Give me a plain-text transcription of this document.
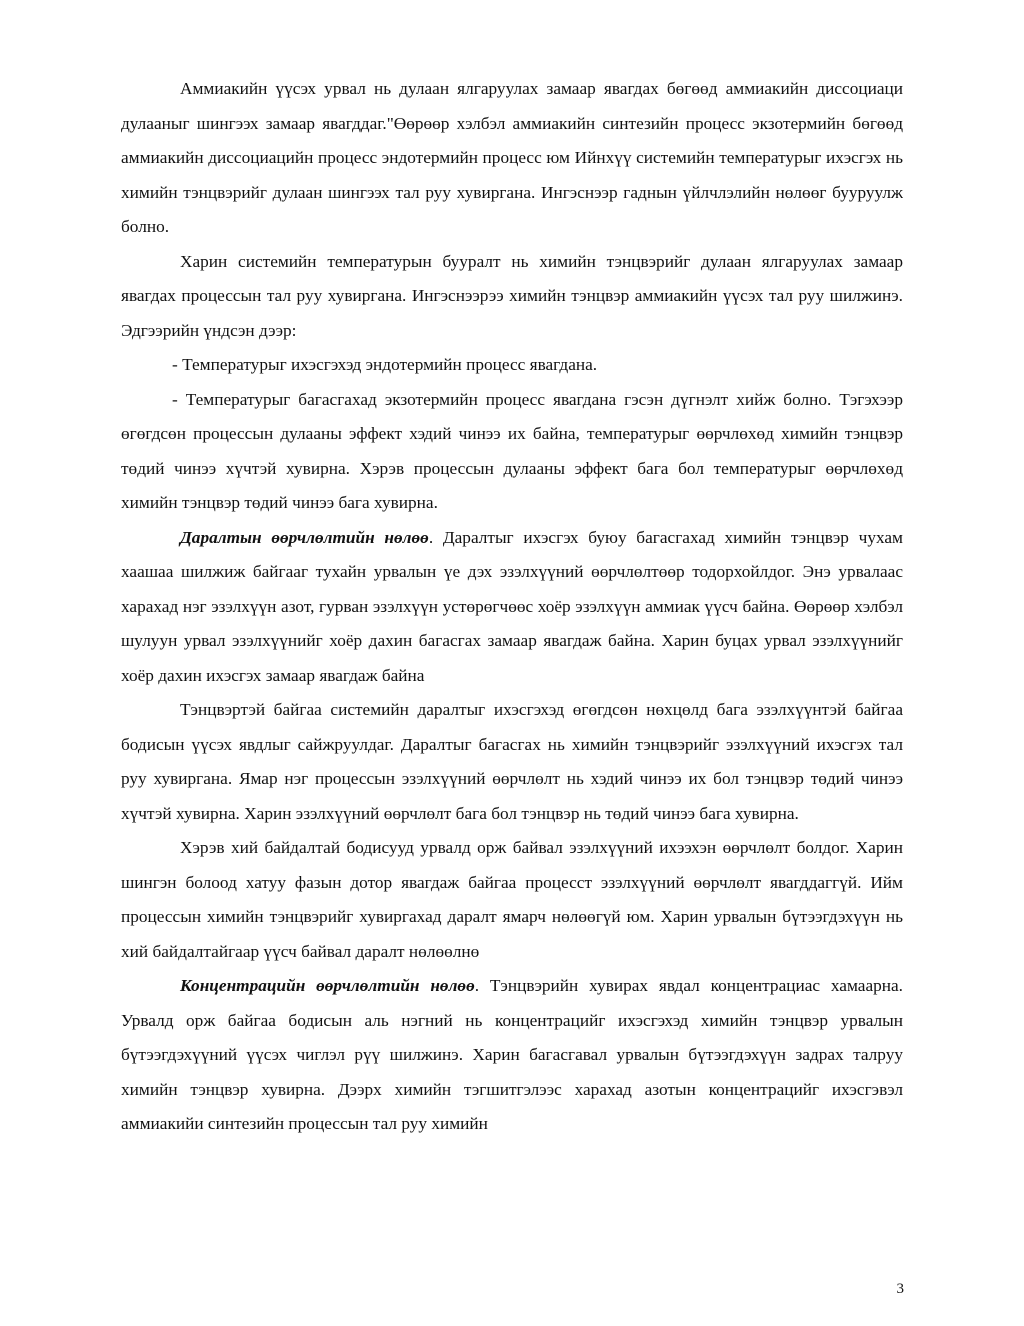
Аммиакийн үүсэх урвал нь дулаан ялгаруулах замаар явагдах бөгөөд аммиакийн диссоциаци дулааныг шингээх замаар явагддаг."Өөрөөр хэлбэл аммиакийн синтезийн процесс экзотермийн бөгөөд аммиакийн диссоциацийн процесс эндотермийн процесс юм Ийнхүү системийн температурыг ихэсгэх нь химийн тэнцвэрийг дулаан шингээх тал руу хувиргана. Ингэснээр гаднын үйлчлэлийн нөлөөг бууруулж болно.

Харин системийн температурын бууралт нь химийн тэнцвэрийг дулаан ялгаруулах замаар явагдах процессын тал руу хувиргана. Ингэснээрээ химийн тэнцвэр аммиакийн үүсэх тал руу шилжинэ. Эдгээрийн үндсэн дээр:

- Температурыг ихэсгэхэд эндотермийн процесс явагдана.

- Температурыг багасгахад экзотермийн процесс явагдана гэсэн дүгнэлт хийж болно. Тэгэхээр өгөгдсөн процессын дулааны эффект хэдий чинээ их байна, температурыг өөрчлөхөд химийн тэнцвэр төдий чинээ хүчтэй хувирна. Хэрэв процессын дулааны эффект бага бол температурыг өөрчлөхөд химийн тэнцвэр төдий чинээ бага хувирна.

Даралтын өөрчлөлтийн нөлөө. Даралтыг ихэсгэх буюу багасгахад химийн тэнцвэр чухам хаашаа шилжиж байгааг тухайн урвалын үе дэх эзэлхүүний өөрчлөлтөөр тодорхойлдог. Энэ урвалаас харахад нэг эзэлхүүн азот, гурван эзэлхүүн устөрөгчөөс хоёр эзэлхүүн аммиак үүсч байна. Өөрөөр хэлбэл шулуун урвал эзэлхүүнийг хоёр дахин багасгах замаар явагдаж байна. Харин буцах урвал эзэлхүүнийг хоёр дахин ихэсгэх замаар явагдаж байна

Тэнцвэртэй байгаа системийн даралтыг ихэсгэхэд өгөгдсөн нөхцөлд бага эзэлхүүнтэй байгаа бодисын үүсэх явдлыг сайжруулдаг. Даралтыг багасгах нь химийн тэнцвэрийг эзэлхүүний ихэсгэх тал руу хувиргана. Ямар нэг процессын эзэлхүүний өөрчлөлт нь хэдий чинээ их бол тэнцвэр төдий чинээ хүчтэй хувирна. Харин эзэлхүүний өөрчлөлт бага бол тэнцвэр нь төдий чинээ бага хувирна.

Хэрэв хий байдалтай бодисууд урвалд орж байвал эзэлхүүний ихээхэн өөрчлөлт болдог. Харин шингэн болоод хатуу фазын дотор явагдаж байгаа процесст эзэлхүүний өөрчлөлт явагддаггүй. Ийм процессын химийн тэнцвэрийг хувиргахад даралт ямарч нөлөөгүй юм. Харин урвалын бүтээгдэхүүн нь хий байдалтайгаар үүсч байвал даралт нөлөөлнө

Концентрацийн өөрчлөлтийн нөлөө. Тэнцвэрийн хувирах явдал концентрациас хамаарна. Урвалд орж байгаа бодисын аль нэгний нь концентрацийг ихэсгэхэд химийн тэнцвэр урвалын бүтээгдэхүүний үүсэх чиглэл рүү шилжинэ. Харин багасгавал урвалын бүтээгдэхүүн задрах талруу химийн тэнцвэр хувирна. Дээрх химийн тэгшитгэлээс харахад азотын концентрацийг ихэсгэвэл аммиакийи синтезийн процессын тал руу химийн

3
